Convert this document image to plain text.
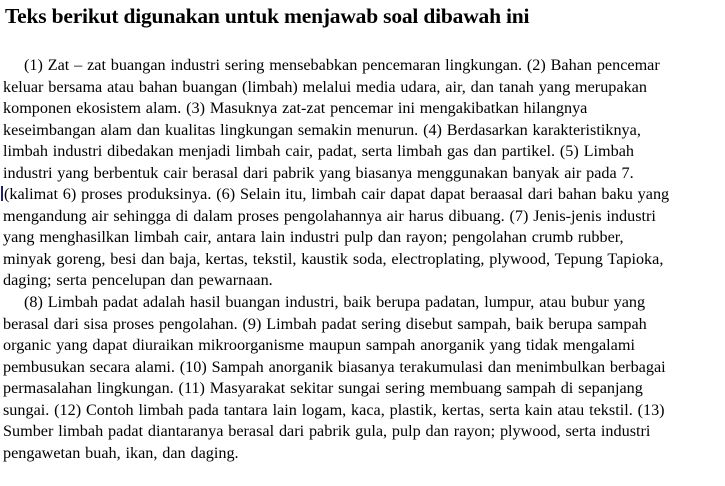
Teks berikut digunakan untuk menjawab soal dibawah ini
(1) Zat – zat buangan industri sering mensebabkan pencemaran lingkungan. (2) Bahan pencemar
keluar bersama atau bahan buangan (limbah) melalui media udara, air, dan tanah yang merupakan
komponen ekosistem alam. (3) Masuknya zat-zat pencemar ini mengakibatkan hilangnya
keseimbangan alam dan kualitas lingkungan semakin menurun. (4) Berdasarkan karakteristiknya,
limbah industri dibedakan menjadi limbah cair, padat, serta limbah gas dan partikel. (5) Limbah
industri yang berbentuk cair berasal dari pabrik yang biasanya menggunakan banyak air pada 7.
(kalimat 6) proses produksinya. (6) Selain itu, limbah cair dapat dapat beraasal dari bahan baku yang
mengandung air sehingga di dalam proses pengolahannya air harus dibuang. (7) Jenis-jenis industri
yang menghasilkan limbah cair, antara lain industri pulp dan rayon; pengolahan crumb rubber,
minyak goreng, besi dan baja, kertas, tekstil, kaustik soda, electroplating, plywood, Tepung Tapioka,
daging; serta pencelupan dan pewarnaan.
(8) Limbah padat adalah hasil buangan industri, baik berupa padatan, lumpur, atau bubur yang
berasal dari sisa proses pengolahan. (9) Limbah padat sering disebut sampah, baik berupa sampah
organic yang dapat diuraikan mikroorganisme maupun sampah anorganik yang tidak mengalami
pembusukan secara alami. (10) Sampah anorganik biasanya terakumulasi dan menimbulkan berbagai
permasalahan lingkungan. (11) Masyarakat sekitar sungai sering membuang sampah di sepanjang
sungai. (12) Contoh limbah pada tantara lain logam, kaca, plastik, kertas, serta kain atau tekstil. (13)
Sumber limbah padat diantaranya berasal dari pabrik gula, pulp dan rayon; plywood, serta industri
pengawetan buah, ikan, dan daging.
